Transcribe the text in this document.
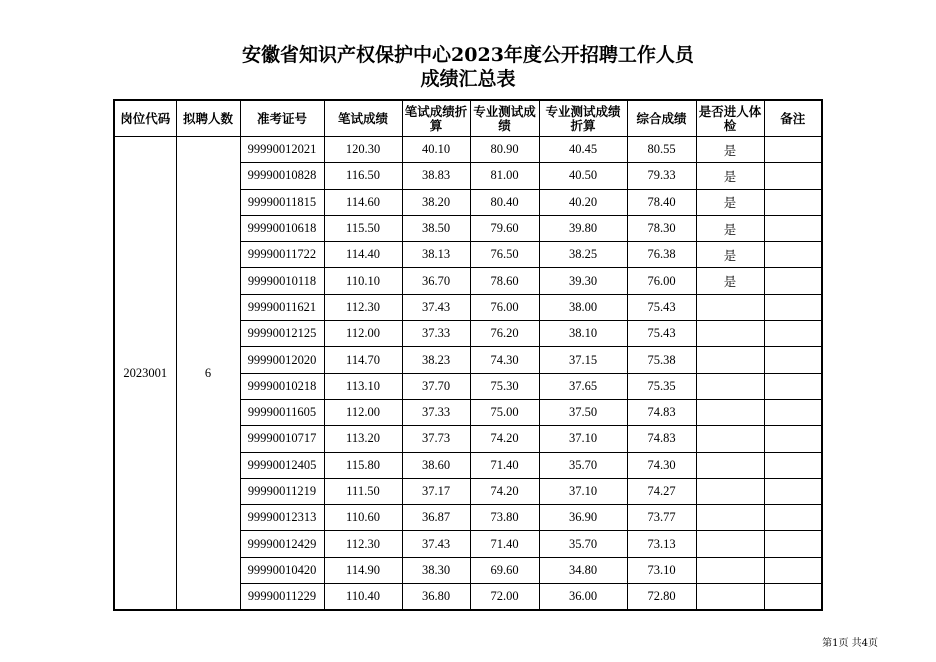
安徽省知识产权保护中心2023年度公开招聘工作人员
成绩汇总表
岗位代码	拟聘人数	准考证号	笔试成绩	笔试成绩折算	专业测试成绩	专业测试成绩折算	综合成绩	是否进人体检	备注
2023001	6	99990012021	120.30	40.10	80.90	40.45	80.55	是	
		99990010828	116.50	38.83	81.00	40.50	79.33	是	
		99990011815	114.60	38.20	80.40	40.20	78.40	是	
		99990010618	115.50	38.50	79.60	39.80	78.30	是	
		99990011722	114.40	38.13	76.50	38.25	76.38	是	
		99990010118	110.10	36.70	78.60	39.30	76.00	是	
		99990011621	112.30	37.43	76.00	38.00	75.43		
		99990012125	112.00	37.33	76.20	38.10	75.43		
		99990012020	114.70	38.23	74.30	37.15	75.38		
		99990010218	113.10	37.70	75.30	37.65	75.35		
		99990011605	112.00	37.33	75.00	37.50	74.83		
		99990010717	113.20	37.73	74.20	37.10	74.83		
		99990012405	115.80	38.60	71.40	35.70	74.30		
		99990011219	111.50	37.17	74.20	37.10	74.27		
		99990012313	110.60	36.87	73.80	36.90	73.77		
		99990012429	112.30	37.43	71.40	35.70	73.13		
		99990010420	114.90	38.30	69.60	34.80	73.10		
		99990011229	110.40	36.80	72.00	36.00	72.80		
第1页 共4页
